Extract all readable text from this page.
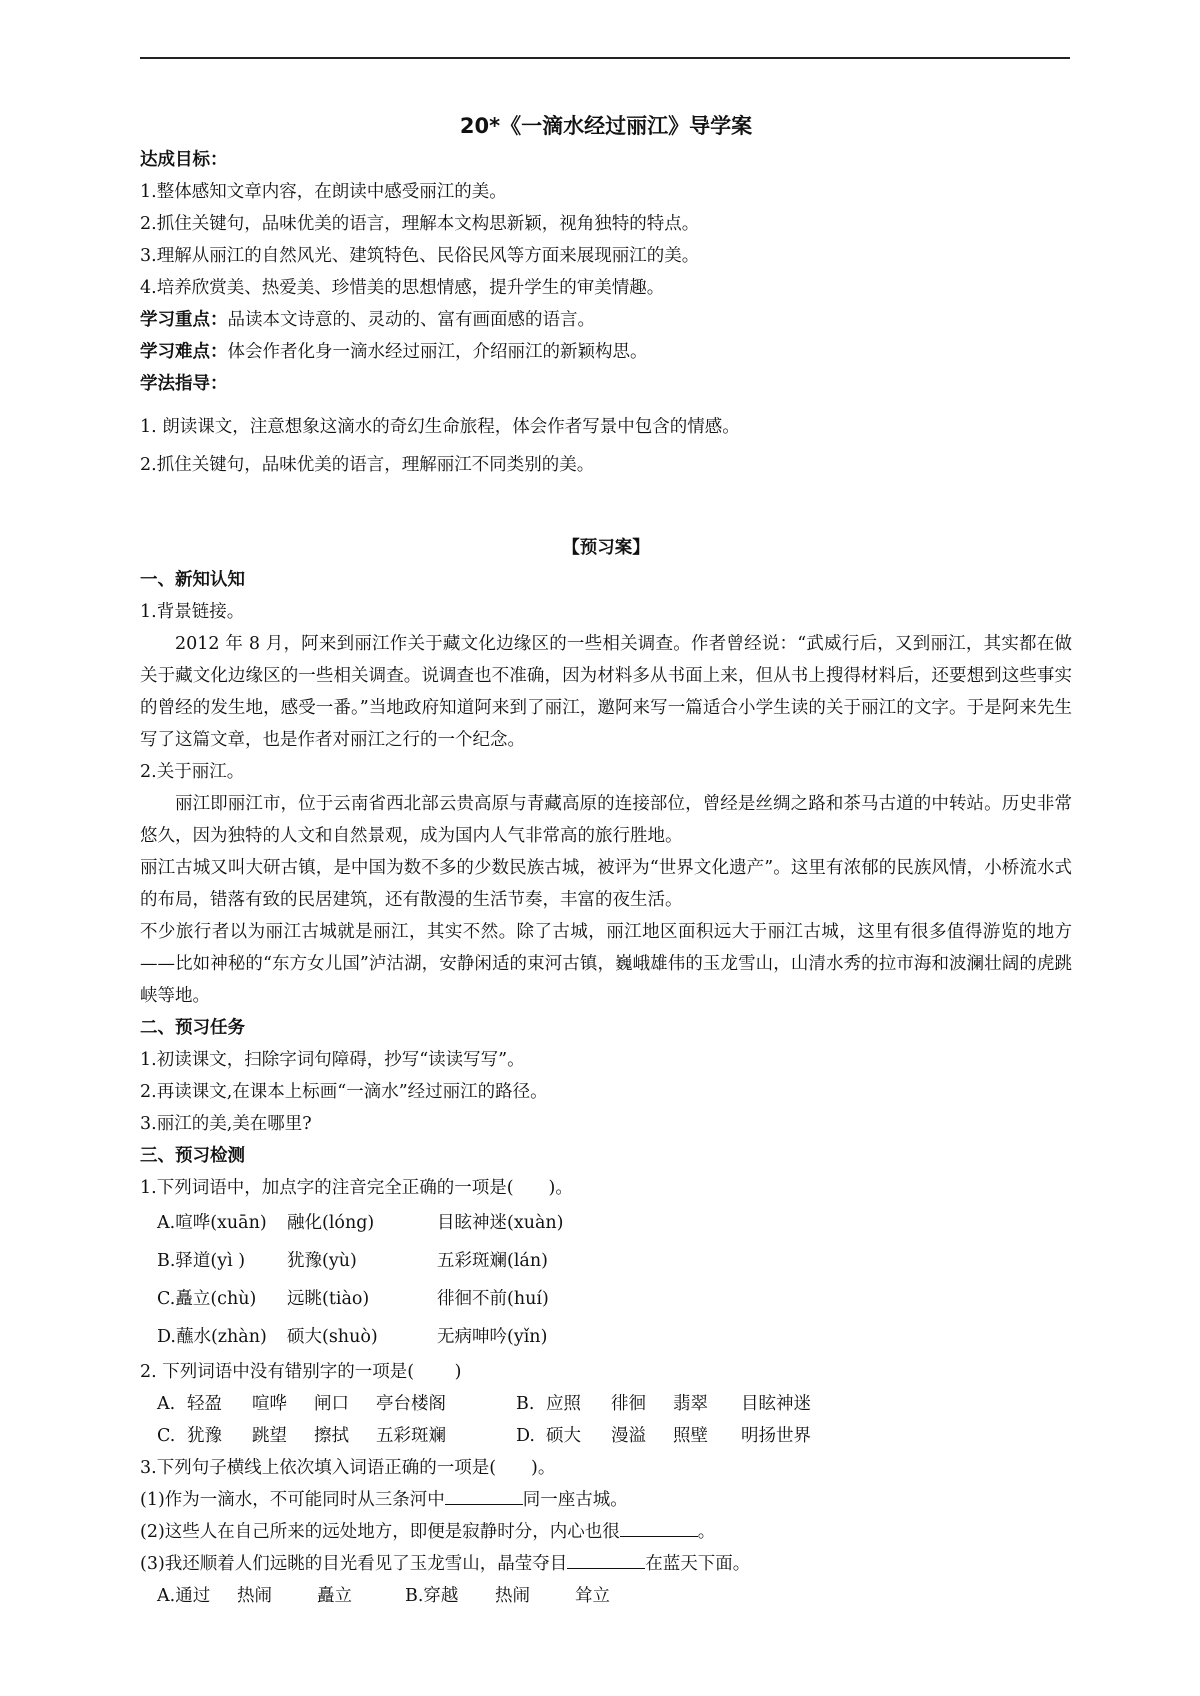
20*《一滴水经过丽江》导学案

达成目标：

1.整体感知文章内容，在朗读中感受丽江的美。

2.抓住关键句，品味优美的语言，理解本文构思新颖，视角独特的特点。

3.理解从丽江的自然风光、建筑特色、民俗民风等方面来展现丽江的美。

4.培养欣赏美、热爱美、珍惜美的思想情感，提升学生的审美情趣。

学习重点：品读本文诗意的、灵动的、富有画面感的语言。

学习难点：体会作者化身一滴水经过丽江，介绍丽江的新颖构思。

学法指导：

1. 朗读课文，注意想象这滴水的奇幻生命旅程，体会作者写景中包含的情感。

2.抓住关键句，品味优美的语言，理解丽江不同类别的美。

【预习案】

一、新知认知

1.背景链接。

2012 年 8 月，阿来到丽江作关于藏文化边缘区的一些相关调查。作者曾经说：“武威行后，又到丽江，其实都在做关于藏文化边缘区的一些相关调查。说调查也不准确，因为材料多从书面上来，但从书上搜得材料后，还要想到这些事实的曾经的发生地，感受一番。”当地政府知道阿来到了丽江，邀阿来写一篇适合小学生读的关于丽江的文字。于是阿来先生写了这篇文章，也是作者对丽江之行的一个纪念。

2.关于丽江。

丽江即丽江市，位于云南省西北部云贵高原与青藏高原的连接部位，曾经是丝绸之路和茶马古道的中转站。历史非常悠久，因为独特的人文和自然景观，成为国内人气非常高的旅行胜地。

丽江古城又叫大研古镇，是中国为数不多的少数民族古城，被评为“世界文化遗产”。这里有浓郁的民族风情，小桥流水式的布局，错落有致的民居建筑，还有散漫的生活节奏，丰富的夜生活。

不少旅行者以为丽江古城就是丽江，其实不然。除了古城，丽江地区面积远大于丽江古城，这里有很多值得游览的地方——比如神秘的“东方女儿国”泸沽湖，安静闲适的束河古镇，巍峨雄伟的玉龙雪山，山清水秀的拉市海和波澜壮阔的虎跳峡等地。

二、预习任务

1.初读课文，扫除字词句障碍，抄写“读读写写”。

2.再读课文,在课本上标画“一滴水”经过丽江的路径。

3.丽江的美,美在哪里?

三、预习检测

1.下列词语中，加点字的注音完全正确的一项是(　　)。

A.喧哗(xuān)	融化(lóng)	目眩神迷(xuàn)
B.驿道(yì )	犹豫(yù)	五彩斑斓(lán)
C.矗立(chù)	远眺(tiào)	徘徊不前(huí)
D.蘸水(zhàn)	硕大(shuò)	无病呻吟(yǐn)

2. 下列词语中没有错别字的一项是(　　 )

A. 轻盈	喧哗	闸口	亭台楼阁	B. 应照	徘徊	翡翠	目眩神迷
C. 犹豫	跳望	擦拭	五彩斑斓	D. 硕大	漫溢	照壁	明扬世界

3.下列句子横线上依次填入词语正确的一项是(　　)。

(1)作为一滴水，不可能同时从三条河中	同一座古城。

(2)这些人在自己所来的远处地方，即便是寂静时分，内心也很	。

(3)我还顺着人们远眺的目光看见了玉龙雪山，晶莹夺目	在蓝天下面。

A.通过	热闹	矗立	B.穿越	热闹	耸立
